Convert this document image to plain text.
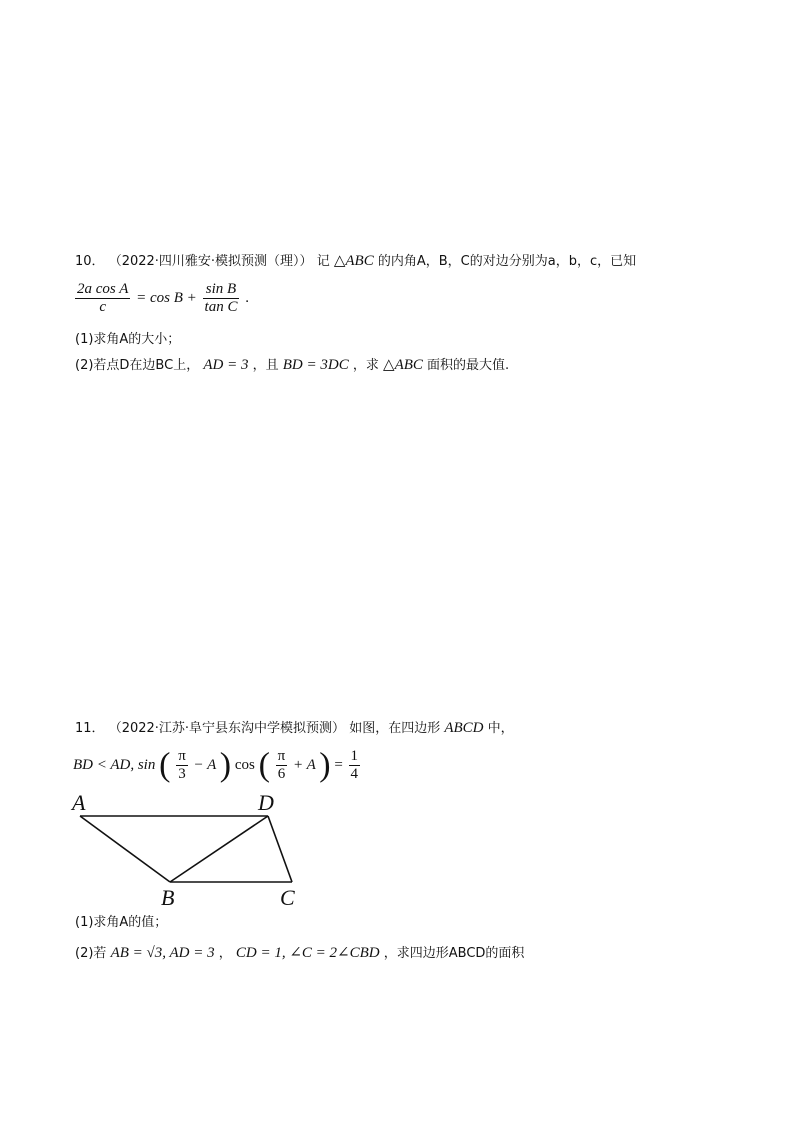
10． （2022·四川雅安·模拟预测（理）） 记 △ABC 的内角A，B，C的对边分别为a，b，c，已知
$\frac{\text{2a cos A}}{c} = \cos B + \frac{\text{sin B}}{\text{tan C}}$ .
(1)求角A的大小；
(2)若点D在边BC上， AD = 3 ，且 BD = 3DC ，求 △ABC 面积的最大值.
11． （2022·江苏·阜宁县东沟中学模拟预测） 如图，在四边形 ABCD 中，
BD < AD, sin ( $\frac{\pi}{3} - A$ ) cos ( $\frac{\pi}{6} + A$ ) = $\frac{1}{4}$
A	D
B	C
(1)求角A的值；
(2)若 AB = √3, AD = 3 ， CD = 1, ∠C = 2∠CBD ，求四边形ABCD的面积
